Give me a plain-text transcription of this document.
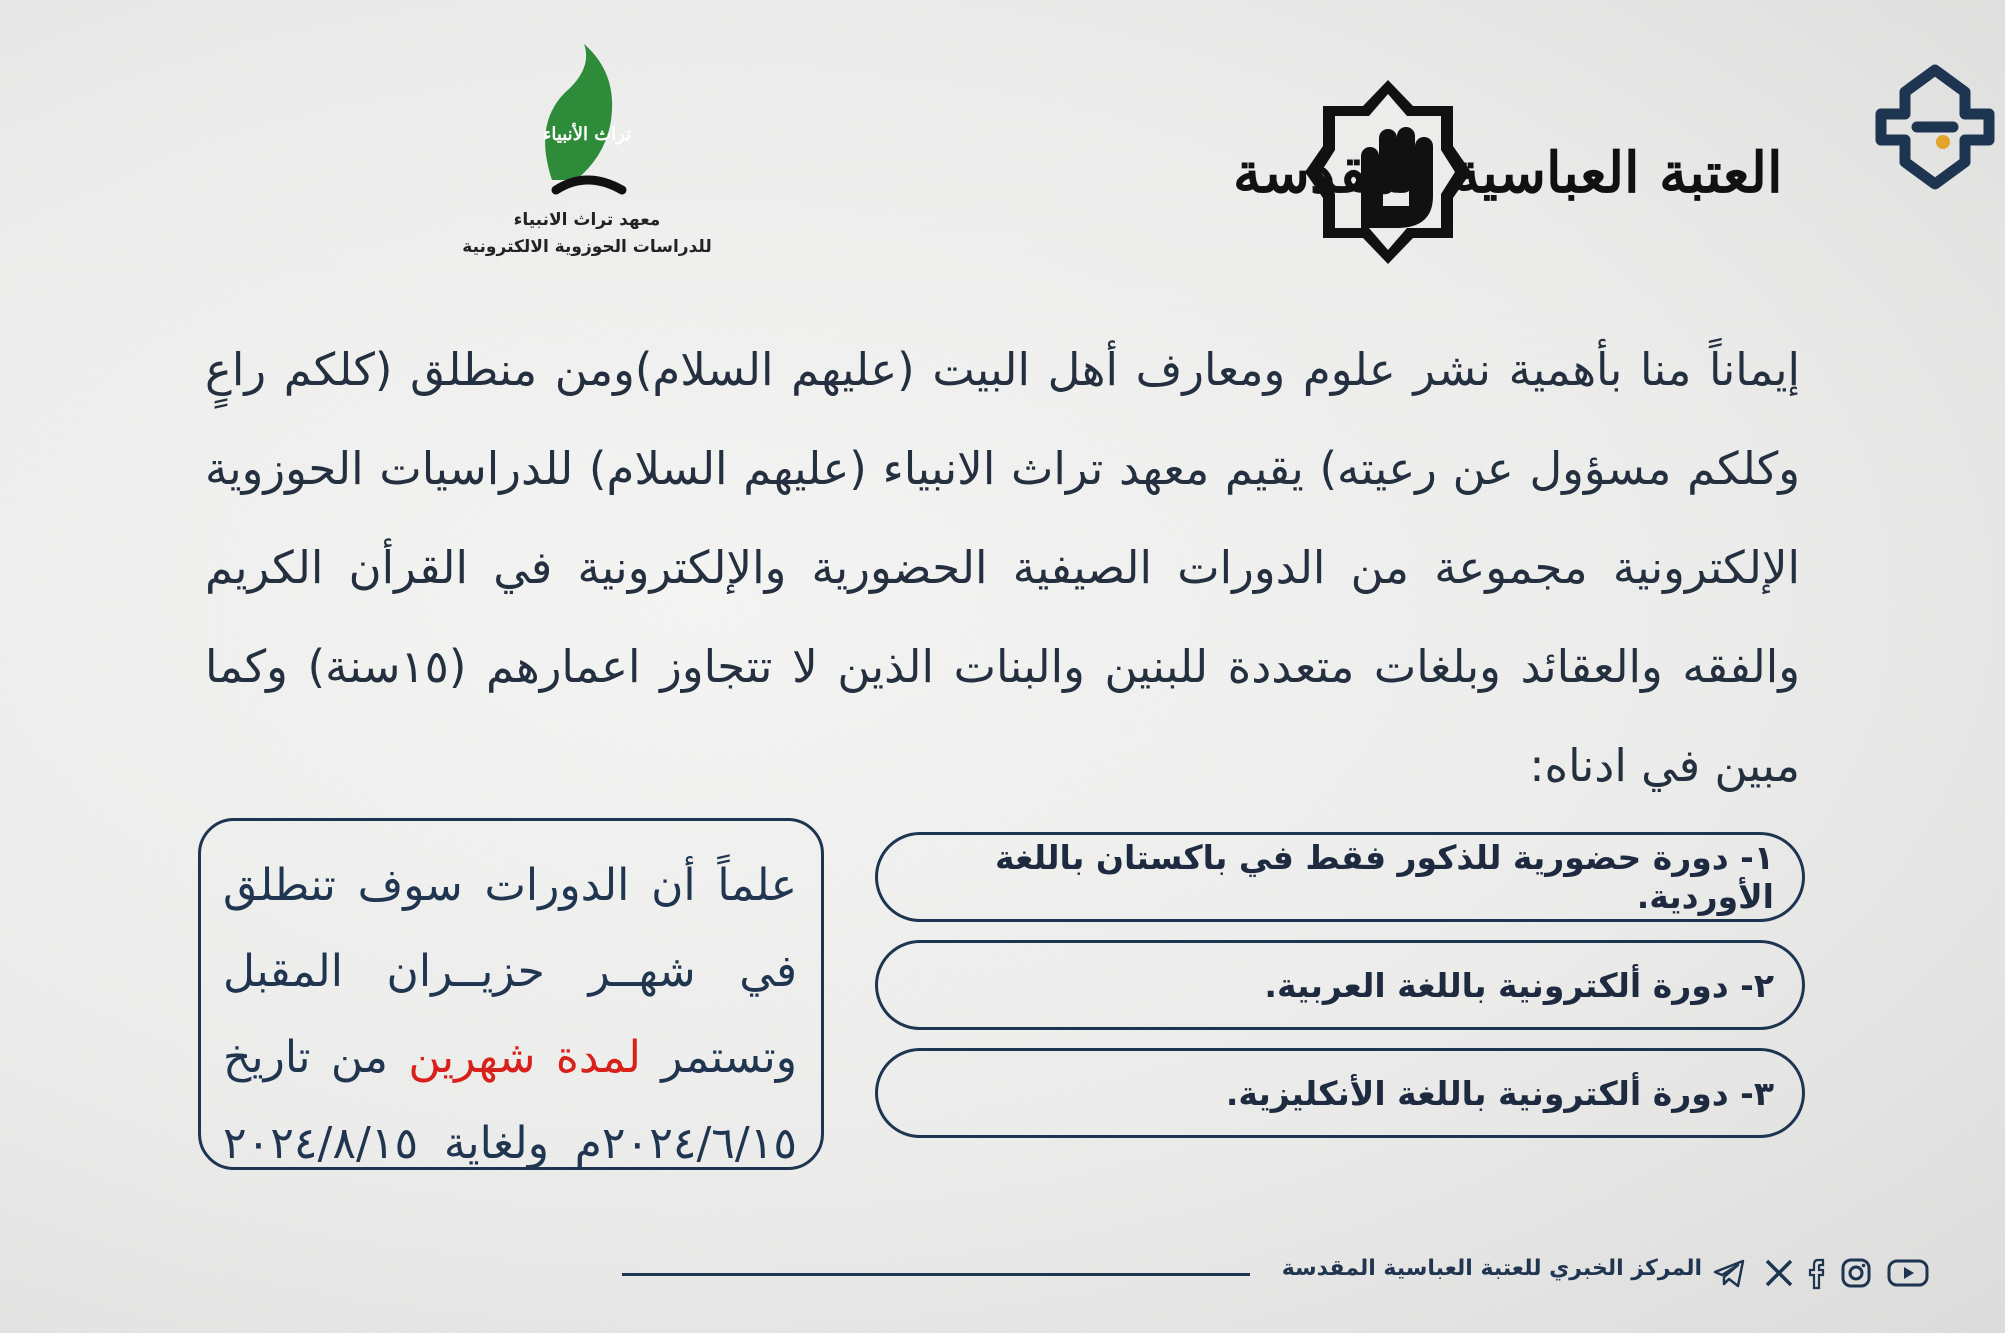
العتبة العباسية المقدسة
تراث الأنبياء
معهد تراث الانبياء
للدراسات الحوزوية الالكترونية

إيماناً منا بأهمية نشر علوم ومعارف أهل البيت (عليهم السلام)ومن منطلق (كلكم راعٍ وكلكم مسؤول عن رعيته) يقيم معهد تراث الانبياء (عليهم السلام) للدراسيات الحوزوية الإلكترونية مجموعة من الدورات الصيفية الحضورية والإلكترونية في القرأن الكريم والفقه والعقائد وبلغات متعددة للبنين والبنات الذين لا تتجاوز اعمارهم (١٥سنة) وكما مبين في ادناه:

١- دورة حضورية للذكور فقط في باكستان باللغة الأوردية.
٢- دورة ألكترونية باللغة العربية.
٣- دورة ألكترونية باللغة الأنكليزية.
علماً أن الدورات سوف تنطلق
في شهــر حزيــران المقبل
وتستمر لمدة شهرين من تاريخ
٢٠٢٤/٦/١٥م ولغاية ٢٠٢٤/٨/١٥
المركز الخبري للعتبة العباسية المقدسة
